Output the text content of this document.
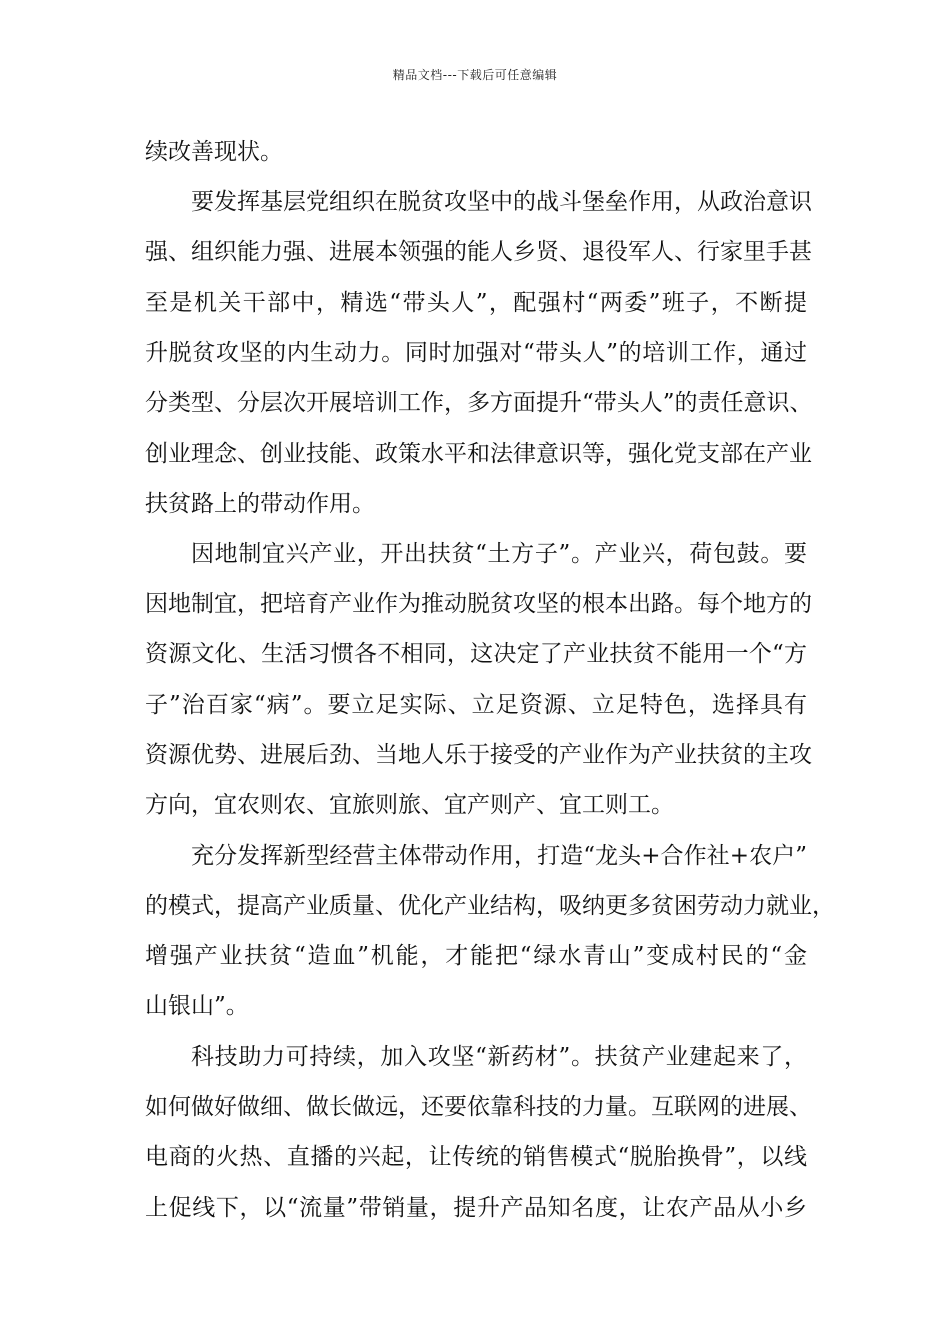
精品文档---下载后可任意编辑
续改善现状。
要发挥基层党组织在脱贫攻坚中的战斗堡垒作用，从政治意识
强、组织能力强、进展本领强的能人乡贤、退役军人、行家里手甚
至是机关干部中，精选“带头人”，配强村“两委”班子，不断提
升脱贫攻坚的内生动力。同时加强对“带头人”的培训工作，通过
分类型、分层次开展培训工作，多方面提升“带头人”的责任意识、
创业理念、创业技能、政策水平和法律意识等，强化党支部在产业
扶贫路上的带动作用。
因地制宜兴产业，开出扶贫“土方子”。产业兴，荷包鼓。要
因地制宜，把培育产业作为推动脱贫攻坚的根本出路。每个地方的
资源文化、生活习惯各不相同，这决定了产业扶贫不能用一个“方
子”治百家“病”。要立足实际、立足资源、立足特色，选择具有
资源优势、进展后劲、当地人乐于接受的产业作为产业扶贫的主攻
方向，宜农则农、宜旅则旅、宜产则产、宜工则工。
充分发挥新型经营主体带动作用，打造“龙头+合作社+农户”
的模式，提高产业质量、优化产业结构，吸纳更多贫困劳动力就业，
增强产业扶贫“造血”机能，才能把“绿水青山”变成村民的“金
山银山”。
科技助力可持续，加入攻坚“新药材”。扶贫产业建起来了，
如何做好做细、做长做远，还要依靠科技的力量。互联网的进展、
电商的火热、直播的兴起，让传统的销售模式“脱胎换骨”，以线
上促线下，以“流量”带销量，提升产品知名度，让农产品从小乡
